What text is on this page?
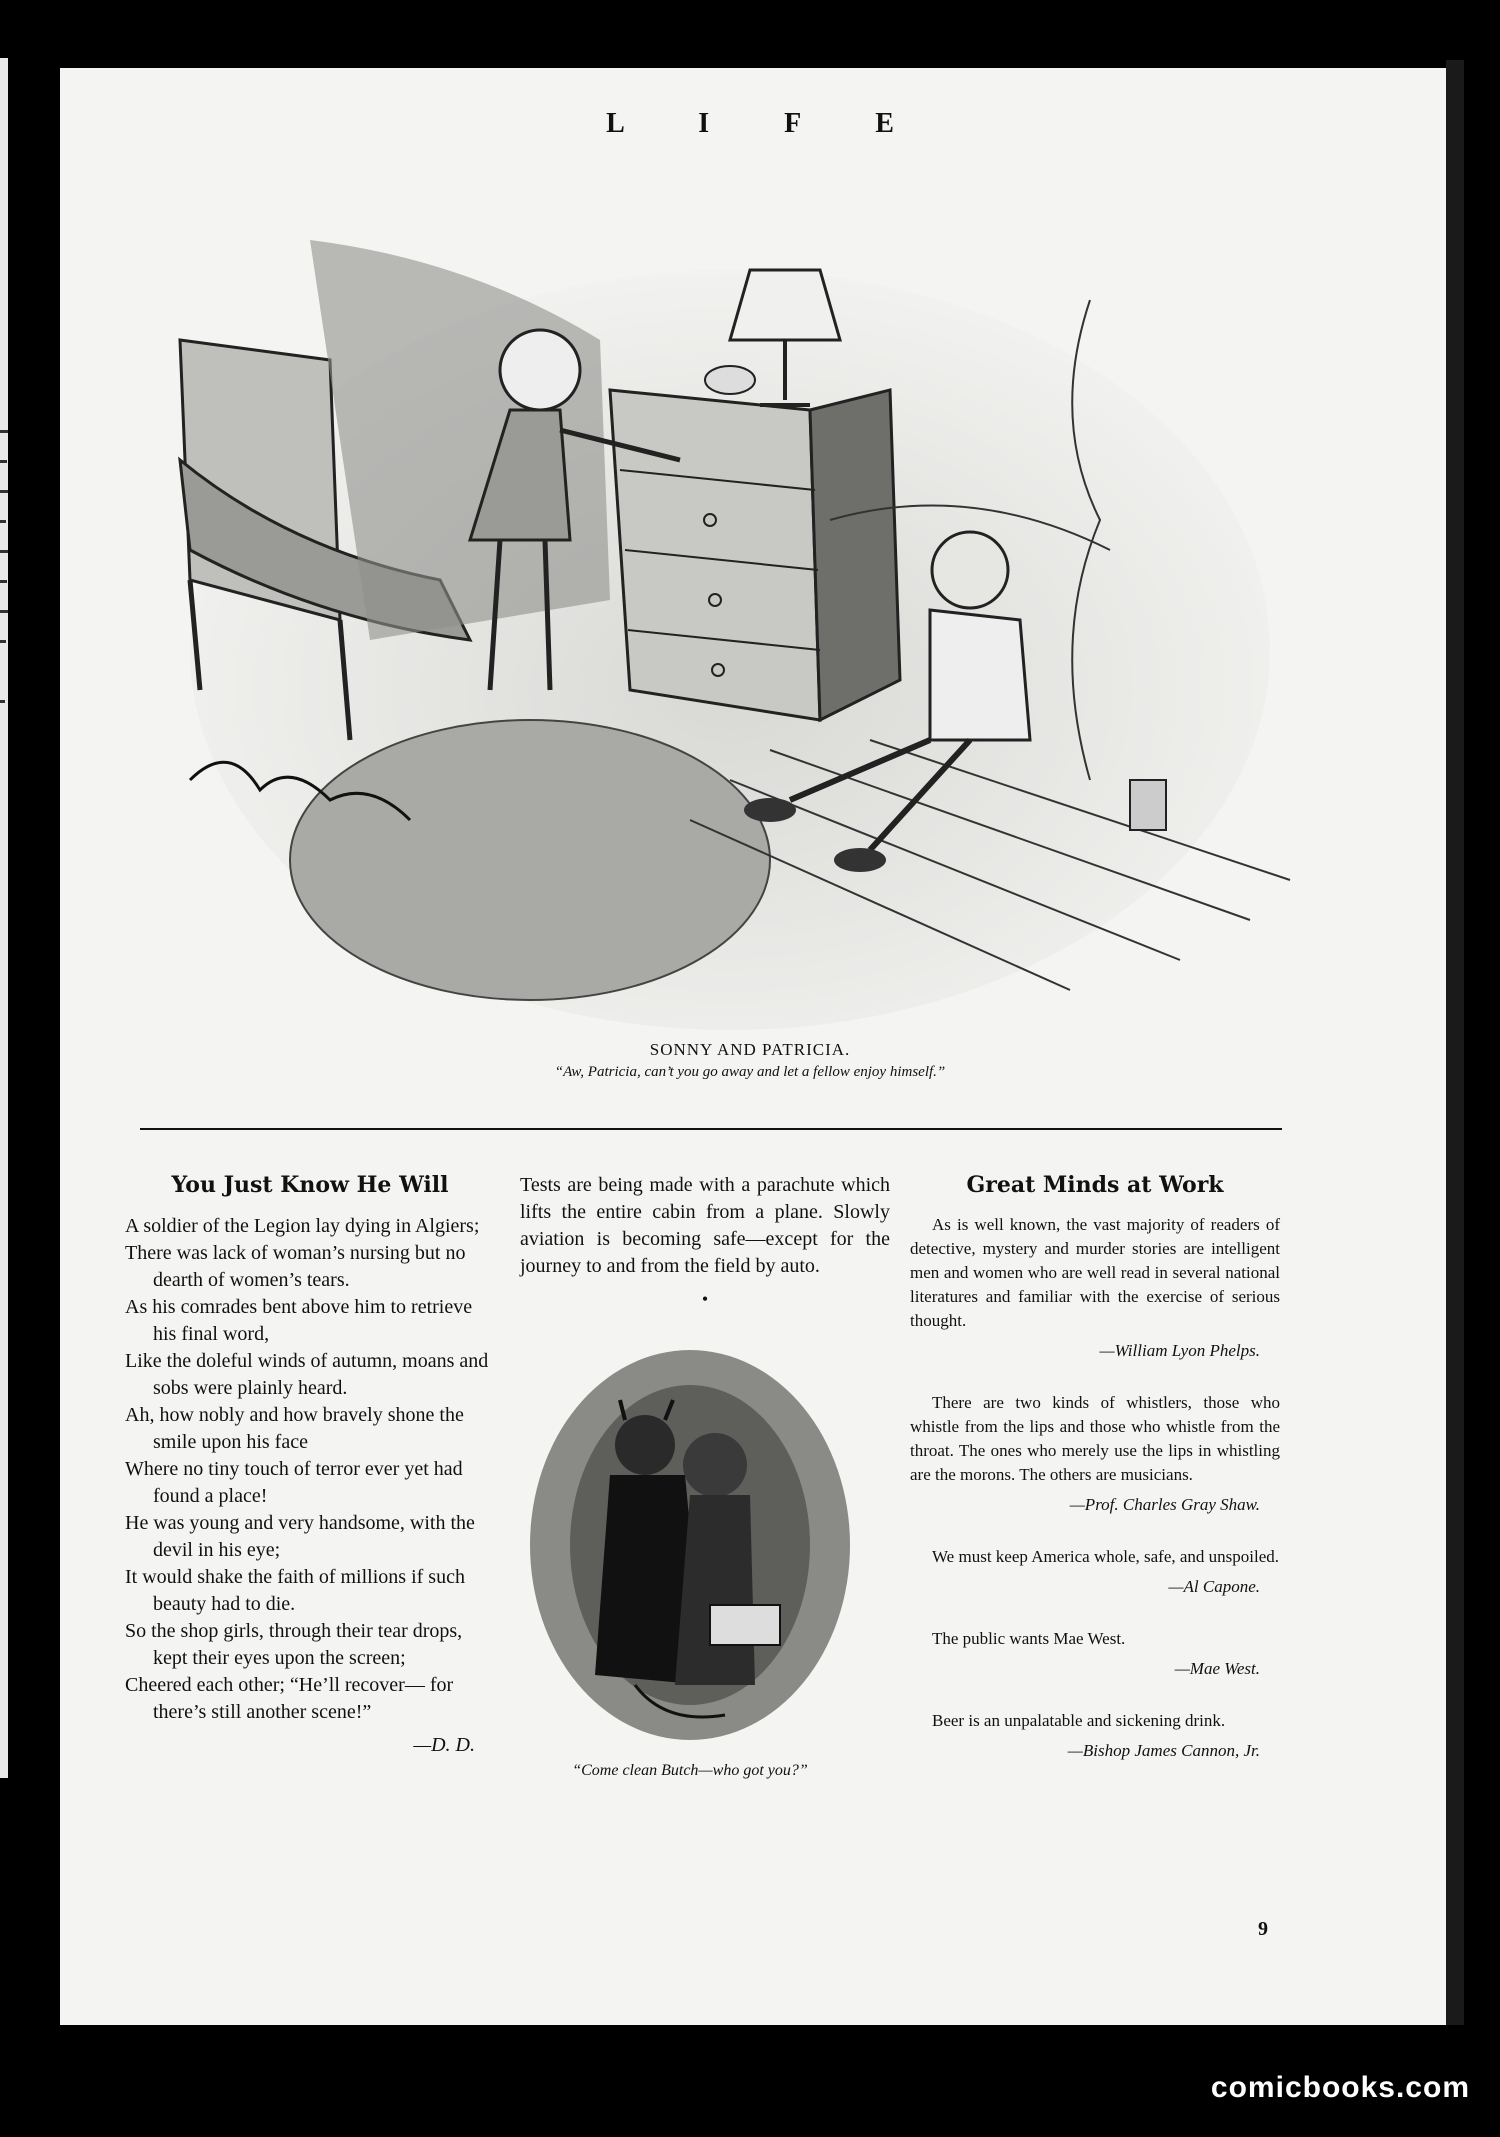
L I F E
SONNY AND PATRICIA.
“Aw, Patricia, can’t you go away and let a fellow enjoy himself.”
You Just Know He Will

A soldier of the Legion lay dying in Algiers;

There was lack of woman’s nursing but no dearth of women’s tears.

As his comrades bent above him to retrieve his final word,

Like the doleful winds of autumn, moans and sobs were plainly heard.

Ah, how nobly and how bravely shone the smile upon his face

Where no tiny touch of terror ever yet had found a place!

He was young and very handsome, with the devil in his eye;

It would shake the faith of millions if such beauty had to die.

So the shop girls, through their tear drops, kept their eyes upon the screen;

Cheered each other; “He’ll recover— for there’s still another scene!”

—D. D.

Tests are being made with a parachute which lifts the entire cabin from a plane. Slowly aviation is becoming safe—except for the journey to and from the field by auto.

•

“Come clean Butch—who got you?”
Great Minds at Work

As is well known, the vast majority of readers of detective, mystery and murder stories are intelligent men and women who are well read in several national literatures and familiar with the exercise of serious thought.

—William Lyon Phelps.

There are two kinds of whistlers, those who whistle from the lips and those who whistle from the throat. The ones who merely use the lips in whistling are the morons. The others are musicians.

—Prof. Charles Gray Shaw.

We must keep America whole, safe, and unspoiled.

—Al Capone.

The public wants Mae West.

—Mae West.

Beer is an unpalatable and sickening drink.

—Bishop James Cannon, Jr.

9
comicbooks.com
